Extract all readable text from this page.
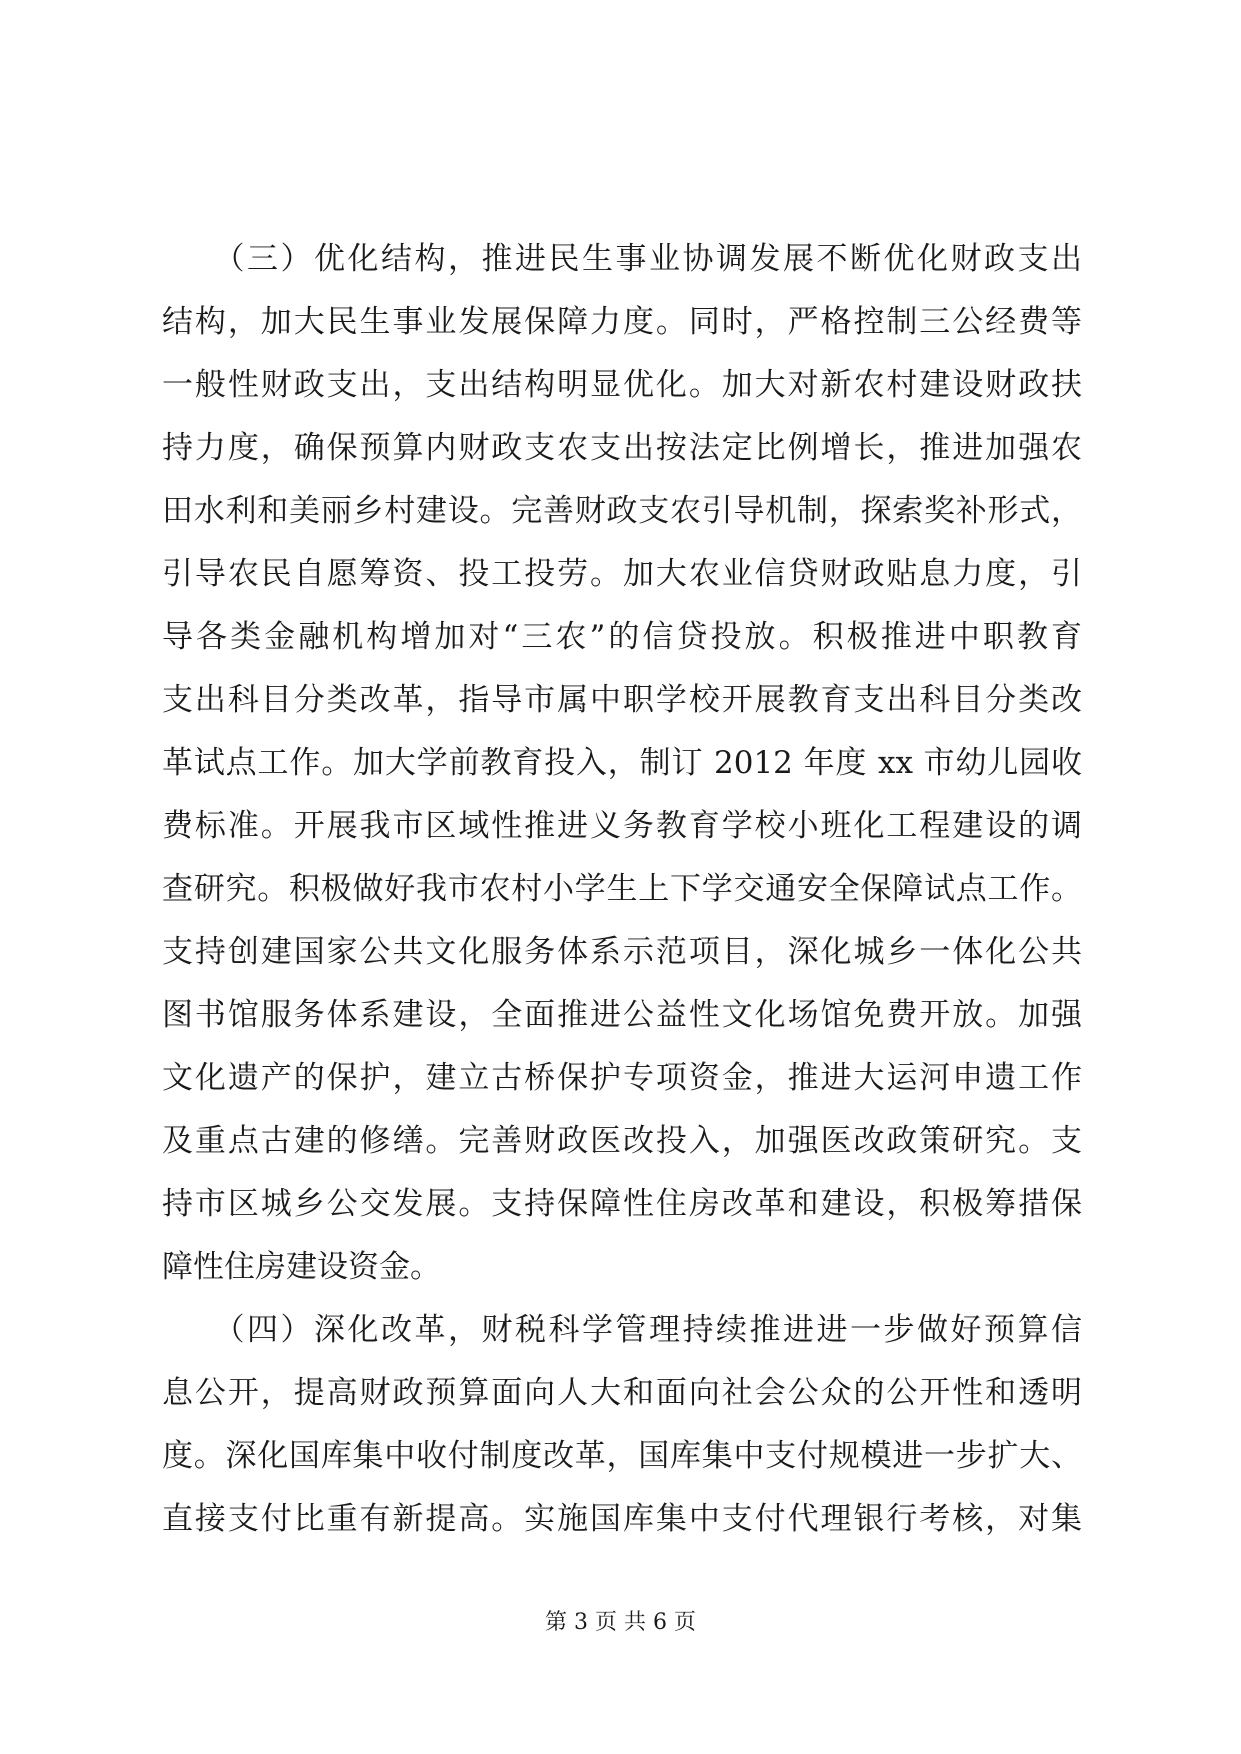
　　（三）优化结构，推进民生事业协调发展不断优化财政支出
结构，加大民生事业发展保障力度。同时，严格控制三公经费等
一般性财政支出，支出结构明显优化。加大对新农村建设财政扶
持力度，确保预算内财政支农支出按法定比例增长，推进加强农
田水利和美丽乡村建设。完善财政支农引导机制，探索奖补形式，
引导农民自愿筹资、投工投劳。加大农业信贷财政贴息力度，引
导各类金融机构增加对“三农”的信贷投放。积极推进中职教育
支出科目分类改革，指导市属中职学校开展教育支出科目分类改
革试点工作。加大学前教育投入，制订 2012 年度 xx 市幼儿园收
费标准。开展我市区域性推进义务教育学校小班化工程建设的调
查研究。积极做好我市农村小学生上下学交通安全保障试点工作。
支持创建国家公共文化服务体系示范项目，深化城乡一体化公共
图书馆服务体系建设，全面推进公益性文化场馆免费开放。加强
文化遗产的保护，建立古桥保护专项资金，推进大运河申遗工作
及重点古建的修缮。完善财政医改投入，加强医改政策研究。支
持市区城乡公交发展。支持保障性住房改革和建设，积极筹措保
障性住房建设资金。
　　（四）深化改革，财税科学管理持续推进进一步做好预算信
息公开，提高财政预算面向人大和面向社会公众的公开性和透明
度。深化国库集中收付制度改革，国库集中支付规模进一步扩大、
直接支付比重有新提高。实施国库集中支付代理银行考核，对集
第 3 页 共 6 页
